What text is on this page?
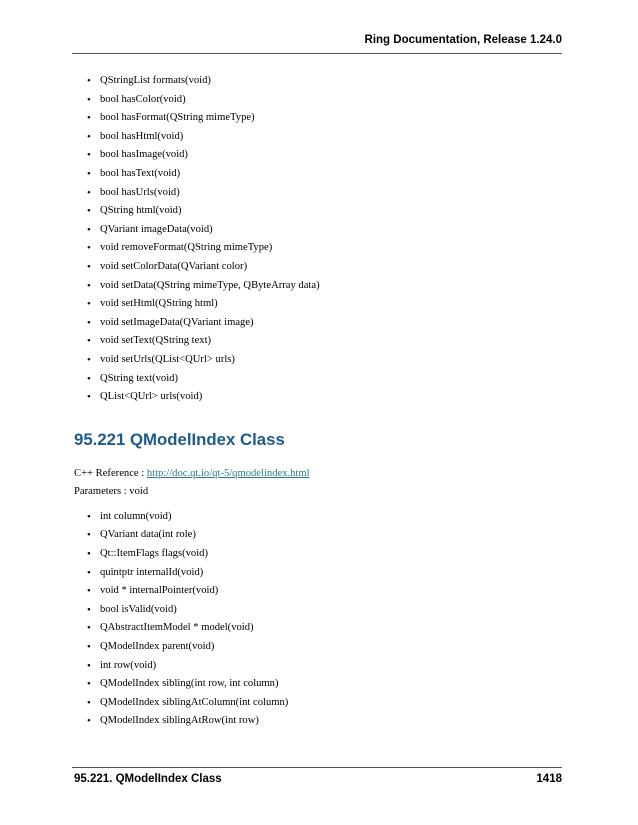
Ring Documentation, Release 1.24.0
• QStringList formats(void)
• bool hasColor(void)
• bool hasFormat(QString mimeType)
• bool hasHtml(void)
• bool hasImage(void)
• bool hasText(void)
• bool hasUrls(void)
• QString html(void)
• QVariant imageData(void)
• void removeFormat(QString mimeType)
• void setColorData(QVariant color)
• void setData(QString mimeType, QByteArray data)
• void setHtml(QString html)
• void setImageData(QVariant image)
• void setText(QString text)
• void setUrls(QList<QUrl> urls)
• QString text(void)
• QList<QUrl> urls(void)
95.221 QModelIndex Class
C++ Reference : http://doc.qt.io/qt-5/qmodelindex.html
Parameters : void
• int column(void)
• QVariant data(int role)
• Qt::ItemFlags flags(void)
• quintptr internalId(void)
• void * internalPointer(void)
• bool isValid(void)
• QAbstractItemModel * model(void)
• QModelIndex parent(void)
• int row(void)
• QModelIndex sibling(int row, int column)
• QModelIndex siblingAtColumn(int column)
• QModelIndex siblingAtRow(int row)
95.221. QModelIndex Class	1418
